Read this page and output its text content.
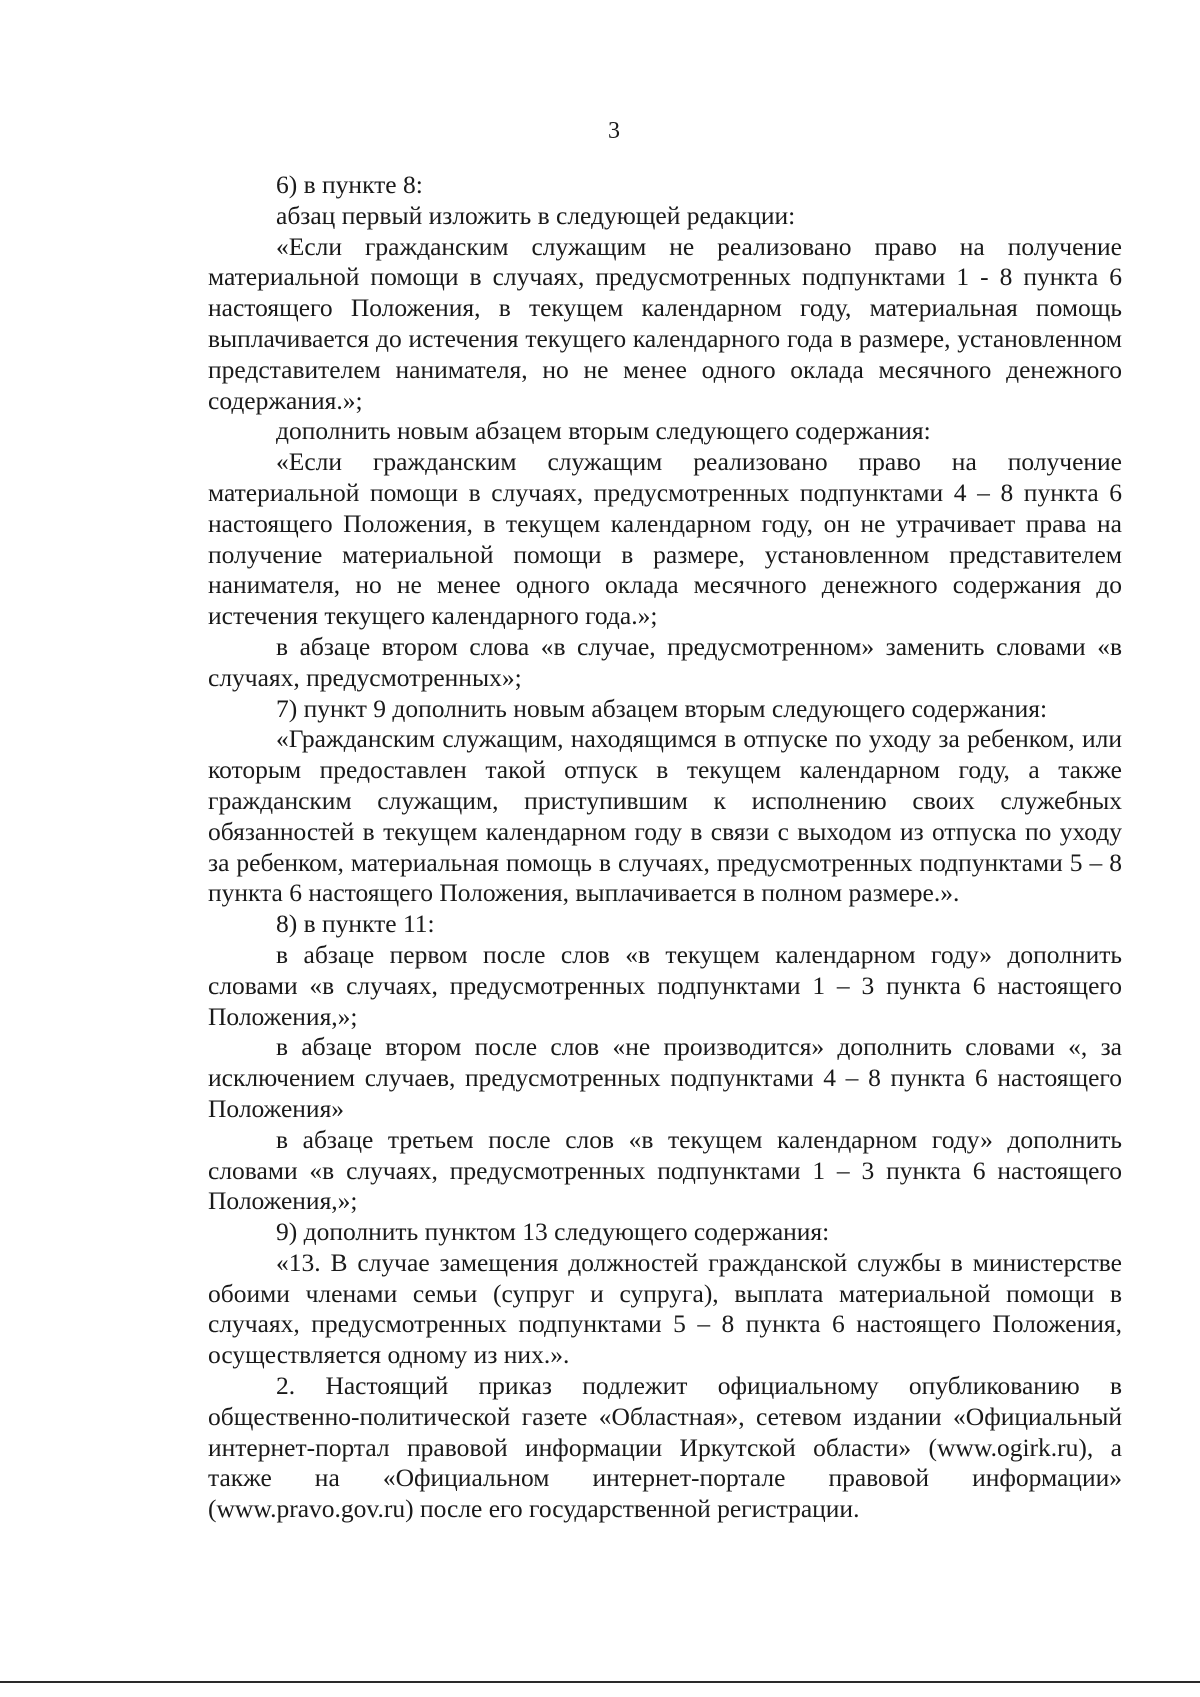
3

6) в пункте 8:

абзац первый изложить в следующей редакции:

«Если гражданским служащим не реализовано право на получение материальной помощи в случаях, предусмотренных подпунктами 1 - 8 пункта 6 настоящего Положения, в текущем календарном году, материальная помощь выплачивается до истечения текущего календарного года в размере, установленном представителем нанимателя, но не менее одного оклада месячного денежного содержания.»;

дополнить новым абзацем вторым следующего содержания:

«Если гражданским служащим реализовано право на получение материальной помощи в случаях, предусмотренных подпунктами 4 – 8 пункта 6 настоящего Положения, в текущем календарном году, он не утрачивает права на получение материальной помощи в размере, установленном представителем нанимателя, но не менее одного оклада месячного денежного содержания до истечения текущего календарного года.»;

в абзаце втором слова «в случае, предусмотренном» заменить словами «в случаях, предусмотренных»;

7) пункт 9 дополнить новым абзацем вторым следующего содержания:

«Гражданским служащим, находящимся в отпуске по уходу за ребенком, или которым предоставлен такой отпуск в текущем календарном году, а также гражданским служащим, приступившим к исполнению своих служебных обязанностей в текущем календарном году в связи с выходом из отпуска по уходу за ребенком, материальная помощь в случаях, предусмотренных подпунктами 5 – 8 пункта 6 настоящего Положения, выплачивается в полном размере.».

8) в пункте 11:

в абзаце первом после слов «в текущем календарном году» дополнить словами «в случаях, предусмотренных подпунктами 1 – 3 пункта 6 настоящего Положения,»;

в абзаце втором после слов «не производится» дополнить словами «, за исключением случаев, предусмотренных подпунктами 4 – 8 пункта 6 настоящего Положения»

в абзаце третьем после слов «в текущем календарном году» дополнить словами «в случаях, предусмотренных подпунктами 1 – 3 пункта 6 настоящего Положения,»;

9) дополнить пунктом 13 следующего содержания:

«13. В случае замещения должностей гражданской службы в министерстве обоими членами семьи (супруг и супруга), выплата материальной помощи в случаях, предусмотренных подпунктами 5 – 8 пункта 6 настоящего Положения, осуществляется одному из них.».

2. Настоящий приказ подлежит официальному опубликованию в общественно-политической газете «Областная», сетевом издании «Официальный интернет-портал правовой информации Иркутской области» (www.ogirk.ru), а также на «Официальном интернет-портале правовой информации» (www.pravo.gov.ru) после его государственной регистрации.
